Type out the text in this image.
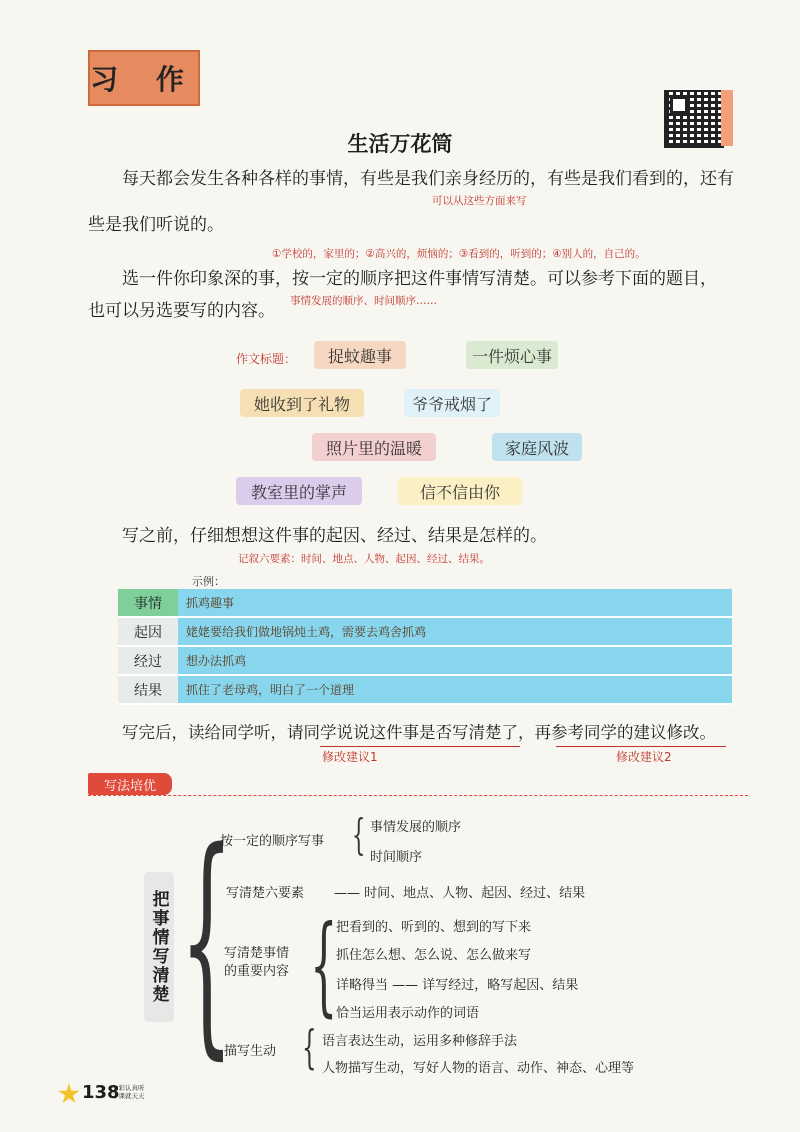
习 作
生活万花筒
每天都会发生各种各样的事情，有些是我们亲身经历的，有些是我们看到的，还有
可以从这些方面来写
些是我们听说的。
①学校的，家里的；②高兴的，烦恼的；③看到的，听到的；④别人的，自己的。
选一件你印象深的事，按一定的顺序把这件事情写清楚。可以参考下面的题目，
事情发展的顺序、时间顺序……
也可以另选要写的内容。
作文标题：	捉蚊趣事	一件烦心事
她收到了礼物	爷爷戒烟了
照片里的温暖	家庭风波
教室里的掌声	信不信由你
写之前，仔细想想这件事的起因、经过、结果是怎样的。
记叙六要素：时间、地点、人物、起因、经过、结果。
示例：
事情	抓鸡趣事
起因	姥姥要给我们做地锅炖土鸡，需要去鸡舍抓鸡
经过	想办法抓鸡
结果	抓住了老母鸡，明白了一个道理
写完后，读给同学听，请同学说说这件事是否写清楚了，再参考同学的建议修改。
修改建议1	修改建议2
写法培优
把事情写清楚 {
按一定的顺序写事 { 事情发展的顺序
时间顺序
写清楚六要素 —— 时间、地点、人物、起因、经过、结果
写清楚事情
的重要内容 {
把看到的、听到的、想到的写下来
抓住怎么想、怎么说、怎么做来写
详略得当 —— 详写经过，略写起因、结果
恰当运用表示动作的词语
描写生动 { 语言表达生动，运用多种修辞手法
人物描写生动，写好人物的语言、动作、神态、心理等
138
七彩认真听 下课就天天
